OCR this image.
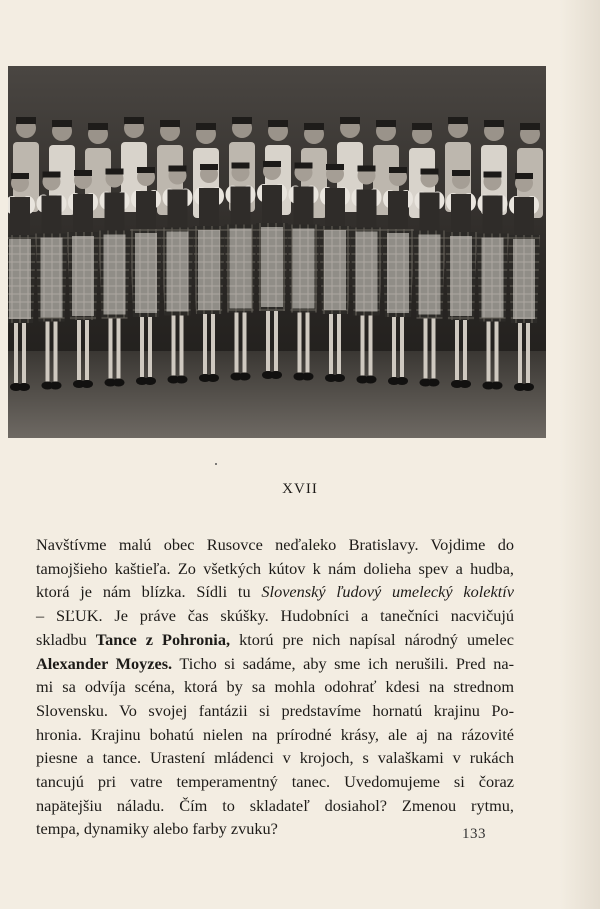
XVII
Navštívme malú obec Rusovce neďaleko Bratislavy. Vojdime do
tamojšieho kaštieľa. Zo všetkých kútov k nám dolieha spev a hudba,
ktorá je nám blízka. Sídli tu Slovenský ľudový umelecký kolektív
– SĽUK. Je práve čas skúšky. Hudobníci a tanečníci nacvičujú
skladbu Tance z Pohronia, ktorú pre nich napísal národný umelec
Alexander Moyzes. Ticho si sadáme, aby sme ich nerušili. Pred na-
mi sa odvíja scéna, ktorá by sa mohla odohrať kdesi na strednom
Slovensku. Vo svojej fantázii si predstavíme hornatú krajinu Po-
hronia. Krajinu bohatú nielen na prírodné krásy, ale aj na rázovité
piesne a tance. Urastení mládenci v krojoch, s valaškami v rukách
tancujú pri vatre temperamentný tanec. Uvedomujeme si čoraz
napätejšiu náladu. Čím to skladateľ dosiahol? Zmenou rytmu,
tempa, dynamiky alebo farby zvuku?	133
